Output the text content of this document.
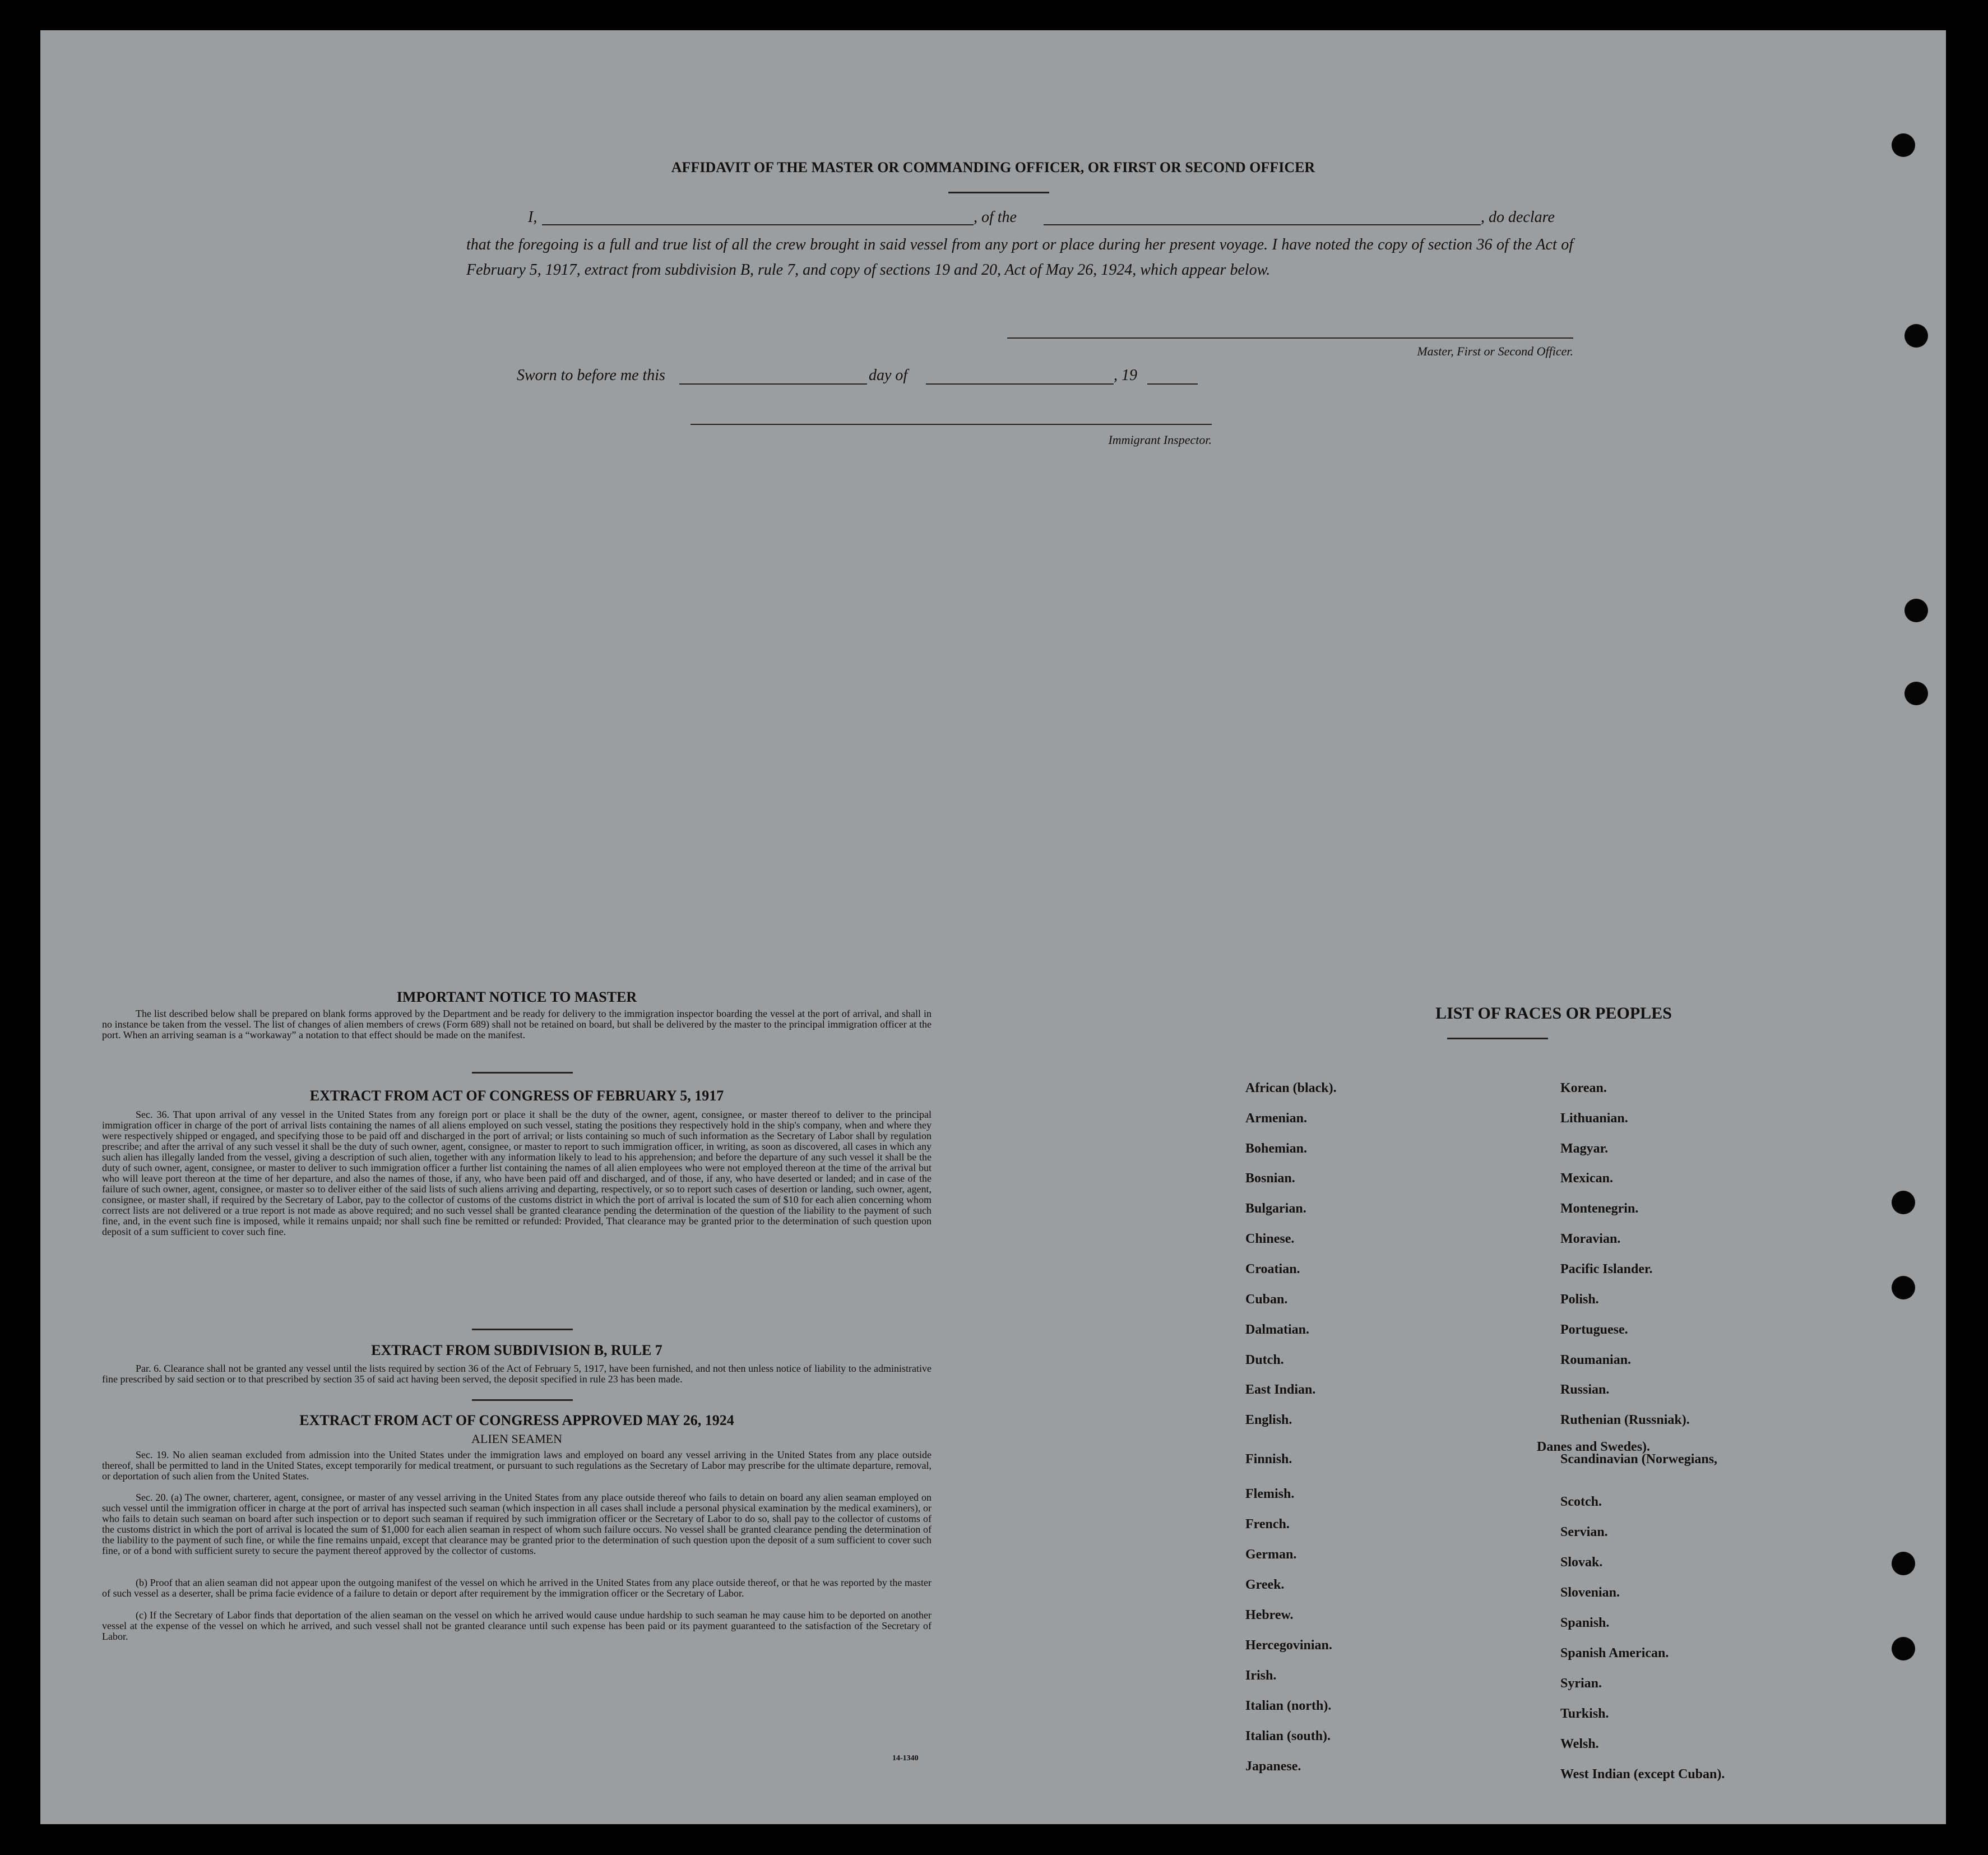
AFFIDAVIT OF THE MASTER OR COMMANDING OFFICER, OR FIRST OR SECOND OFFICER
I,	, of the	, do declare
that the foregoing is a full and true list of all the crew brought in said vessel from any port or place during her present voyage. I have noted the copy of section 36 of the Act of February 5, 1917, extract from subdivision B, rule 7, and copy of sections 19 and 20, Act of May 26, 1924, which appear below.
Master, First or Second Officer.
Sworn to before me this	day of	, 19
Immigrant Inspector.
IMPORTANT NOTICE TO MASTER
The list described below shall be prepared on blank forms approved by the Department and be ready for delivery to the immigration inspector boarding the vessel at the port of arrival, and shall in no instance be taken from the vessel. The list of changes of alien members of crews (Form 689) shall not be retained on board, but shall be delivered by the master to the principal immigration officer at the port. When an arriving seaman is a “workaway” a notation to that effect should be made on the manifest.
EXTRACT FROM ACT OF CONGRESS OF FEBRUARY 5, 1917
Sec. 36. That upon arrival of any vessel in the United States from any foreign port or place it shall be the duty of the owner, agent, consignee, or master thereof to deliver to the principal immigration officer in charge of the port of arrival lists containing the names of all aliens employed on such vessel, stating the positions they respectively hold in the ship's company, when and where they were respectively shipped or engaged, and specifying those to be paid off and discharged in the port of arrival; or lists containing so much of such information as the Secretary of Labor shall by regulation prescribe; and after the arrival of any such vessel it shall be the duty of such owner, agent, consignee, or master to report to such immigration officer, in writing, as soon as discovered, all cases in which any such alien has illegally landed from the vessel, giving a description of such alien, together with any information likely to lead to his apprehension; and before the departure of any such vessel it shall be the duty of such owner, agent, consignee, or master to deliver to such immigration officer a further list containing the names of all alien employees who were not employed thereon at the time of the arrival but who will leave port thereon at the time of her departure, and also the names of those, if any, who have been paid off and discharged, and of those, if any, who have deserted or landed; and in case of the failure of such owner, agent, consignee, or master so to deliver either of the said lists of such aliens arriving and departing, respectively, or so to report such cases of desertion or landing, such owner, agent, consignee, or master shall, if required by the Secretary of Labor, pay to the collector of customs of the customs district in which the port of arrival is located the sum of $10 for each alien concerning whom correct lists are not delivered or a true report is not made as above required; and no such vessel shall be granted clearance pending the determination of the question of the liability to the payment of such fine, and, in the event such fine is imposed, while it remains unpaid; nor shall such fine be remitted or refunded: Provided, That clearance may be granted prior to the determination of such question upon deposit of a sum sufficient to cover such fine.
EXTRACT FROM SUBDIVISION B, RULE 7
Par. 6. Clearance shall not be granted any vessel until the lists required by section 36 of the Act of February 5, 1917, have been furnished, and not then unless notice of liability to the administrative fine prescribed by said section or to that prescribed by section 35 of said act having been served, the deposit specified in rule 23 has been made.
EXTRACT FROM ACT OF CONGRESS APPROVED MAY 26, 1924
ALIEN SEAMEN
Sec. 19. No alien seaman excluded from admission into the United States under the immigration laws and employed on board any vessel arriving in the United States from any place outside thereof, shall be permitted to land in the United States, except temporarily for medical treatment, or pursuant to such regulations as the Secretary of Labor may prescribe for the ultimate departure, removal, or deportation of such alien from the United States.
Sec. 20. (a) The owner, charterer, agent, consignee, or master of any vessel arriving in the United States from any place outside thereof who fails to detain on board any alien seaman employed on such vessel until the immigration officer in charge at the port of arrival has inspected such seaman (which inspection in all cases shall include a personal physical examination by the medical examiners), or who fails to detain such seaman on board after such inspection or to deport such seaman if required by such immigration officer or the Secretary of Labor to do so, shall pay to the collector of customs of the customs district in which the port of arrival is located the sum of $1,000 for each alien seaman in respect of whom such failure occurs. No vessel shall be granted clearance pending the determination of the liability to the payment of such fine, or while the fine remains unpaid, except that clearance may be granted prior to the determination of such question upon the deposit of a sum sufficient to cover such fine, or of a bond with sufficient surety to secure the payment thereof approved by the collector of customs.
(b) Proof that an alien seaman did not appear upon the outgoing manifest of the vessel on which he arrived in the United States from any place outside thereof, or that he was reported by the master of such vessel as a deserter, shall be prima facie evidence of a failure to detain or deport after requirement by the immigration officer or the Secretary of Labor.
(c) If the Secretary of Labor finds that deportation of the alien seaman on the vessel on which he arrived would cause undue hardship to such seaman he may cause him to be deported on another vessel at the expense of the vessel on which he arrived, and such vessel shall not be granted clearance until such expense has been paid or its payment guaranteed to the satisfaction of the Secretary of Labor.
14-1340
LIST OF RACES OR PEOPLES
Danes and Swedes).
African (black).
Armenian.
Bohemian.
Bosnian.
Bulgarian.
Chinese.
Croatian.
Cuban.
Dalmatian.
Dutch.
East Indian.
English.
Finnish.
Flemish.
French.
German.
Greek.
Hebrew.
Hercegovinian.
Irish.
Italian (north).
Italian (south).
Japanese.
Korean.
Lithuanian.
Magyar.
Mexican.
Montenegrin.
Moravian.
Pacific Islander.
Polish.
Portuguese.
Roumanian.
Russian.
Ruthenian (Russniak).
Scandinavian (Norwegians,
Scotch.
Servian.
Slovak.
Slovenian.
Spanish.
Spanish American.
Syrian.
Turkish.
Welsh.
West Indian (except Cuban).
